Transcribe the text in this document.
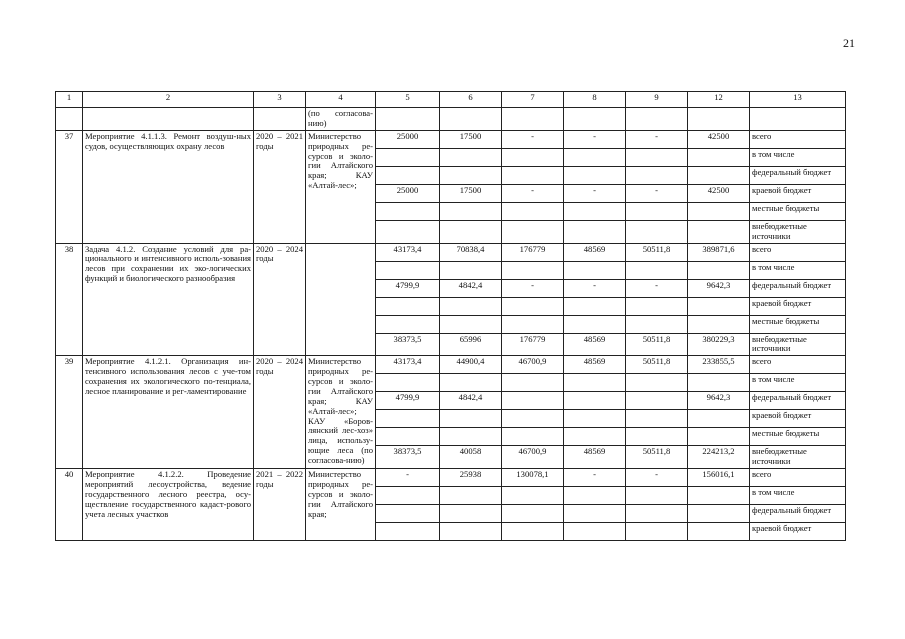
21
1	2	3	4	5	6	7	8	9	12	13
			(по согласова-нию)							
37	Мероприятие 4.1.1.3. Ремонт воздуш-ных судов, осуществляющих охрану лесов	2020 – 2021 годы	Министерство природных ре-сурсов и эколо-гии Алтайского края; КАУ «Алтай-лес»;	25000	17500	-	-	-	42500	всего
										в том числе
										федеральный бюджет
				25000	17500	-	-	-	42500	краевой бюджет
										местные бюджеты
										внебюджетные источники
38	Задача 4.1.2. Создание условий для ра-ционального и интенсивного исполь-зования лесов при сохранении их эко-логических функций и биологического разнообразия	2020 – 2024 годы		43173,4	70838,4	176779	48569	50511,8	389871,6	всего
										в том числе
				4799,9	4842,4	-	-	-	9642,3	федеральный бюджет
										краевой бюджет
										местные бюджеты
				38373,5	65996	176779	48569	50511,8	380229,3	внебюджетные источники
39	Мероприятие 4.1.2.1. Организация ин-тенсивного использования лесов с уче-том сохранения их экологического по-тенциала, лесное планирование и рег-ламентирование	2020 – 2024 годы	Министерство природных ре-сурсов и эколо-гии Алтайского края; КАУ «Алтай-лес»; КАУ «Боров-лянский лес-хоз» лица, использу-ющие леса (по согласова-нию)	43173,4	44900,4	46700,9	48569	50511,8	233855,5	всего
										в том числе
				4799,9	4842,4				9642,3	федеральный бюджет
										краевой бюджет
										местные бюджеты
				38373,5	40058	46700,9	48569	50511,8	224213,2	внебюджетные источники
40	Мероприятие 4.1.2.2. Проведение мероприятий лесоустройства, ведение государственного лесного реестра, осу-ществление государственного кадаст-рового учета лесных участков	2021 – 2022 годы	Министерство природных ре-сурсов и эколо-гии Алтайского края;	-	25938	130078,1	-	-	156016,1	всего
										в том числе
										федеральный бюджет
										краевой бюджет
